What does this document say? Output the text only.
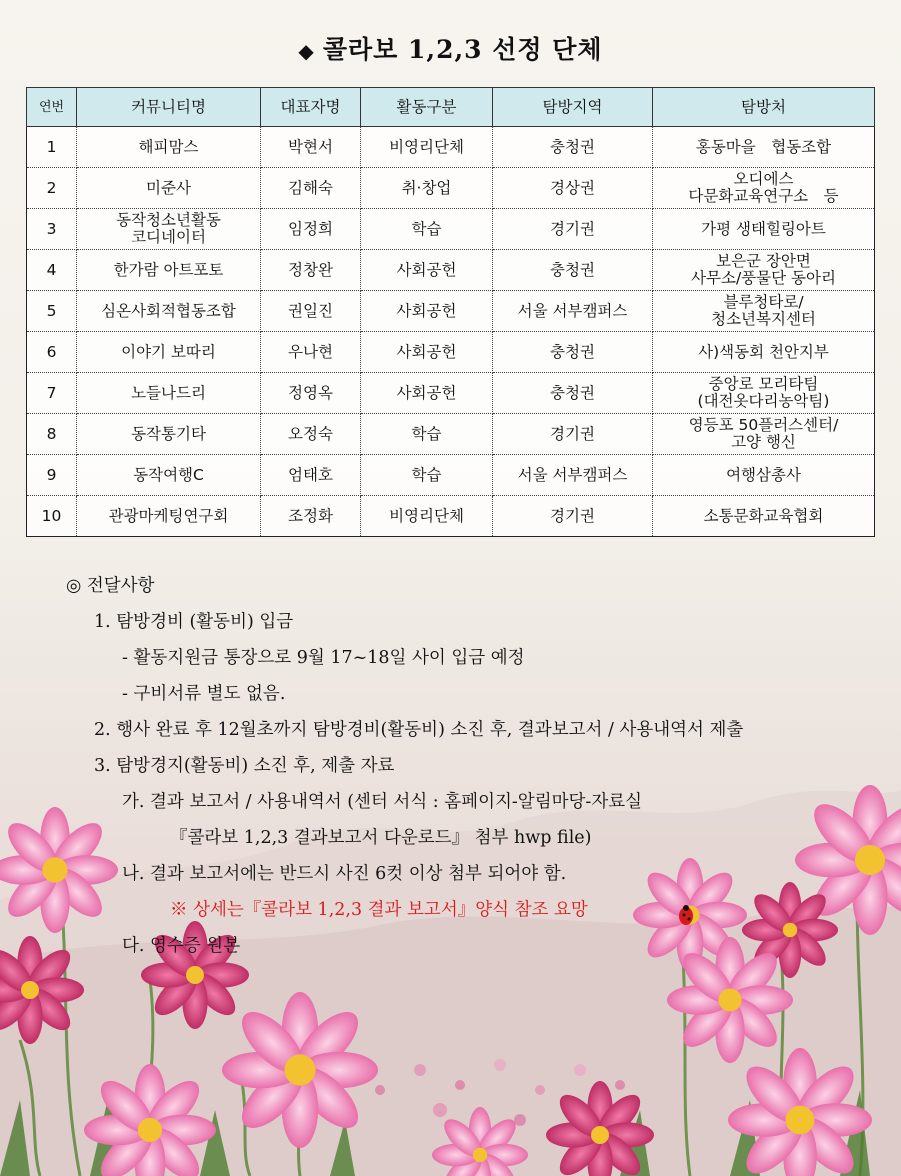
◆ 콜라보 1,2,3 선정 단체
연번	커뮤니티명	대표자명	활동구분	탐방지역	탐방처
1	해피맘스	박현서	비영리단체	충청권	홍동마을　협동조합
2	미준사	김해숙	취·창업	경상권	오디에스
다문화교육연구소　등
3	동작청소년활동
코디네이터	임정희	학습	경기권	가평 생태힐링아트
4	한가람 아트포토	정창완	사회공헌	충청권	보은군 장안면
사무소/풍물단 동아리
5	심온사회적협동조합	권일진	사회공헌	서울 서부캠퍼스	블루청타로/
청소년복지센터
6	이야기 보따리	우나현	사회공헌	충청권	사)색동회 천안지부
7	노들나드리	정영옥	사회공헌	충청권	중앙로 모리타팀
(대전옷다리농악팀)
8	동작통기타	오정숙	학습	경기권	영등포 50플러스센터/
고양 행신
9	동작여행C	엄태호	학습	서울 서부캠퍼스	여행삼총사
10	관광마케팅연구회	조정화	비영리단체	경기권	소통문화교육협회
◎ 전달사항
1. 탐방경비 (활동비) 입금
- 활동지원금 통장으로 9월 17~18일 사이 입금 예정
- 구비서류 별도 없음.
2. 행사 완료 후 12월초까지 탐방경비(활동비) 소진 후, 결과보고서 / 사용내역서 제출
3. 탐방경지(활동비) 소진 후, 제출 자료
가. 결과 보고서 / 사용내역서 (센터 서식 : 홈페이지-알림마당-자료실
『콜라보 1,2,3 결과보고서 다운로드』 첨부 hwp file)
나. 결과 보고서에는 반드시 사진 6컷 이상 첨부 되어야 함.
※ 상세는『콜라보 1,2,3 결과 보고서』양식 참조 요망
다. 영수증 원본
